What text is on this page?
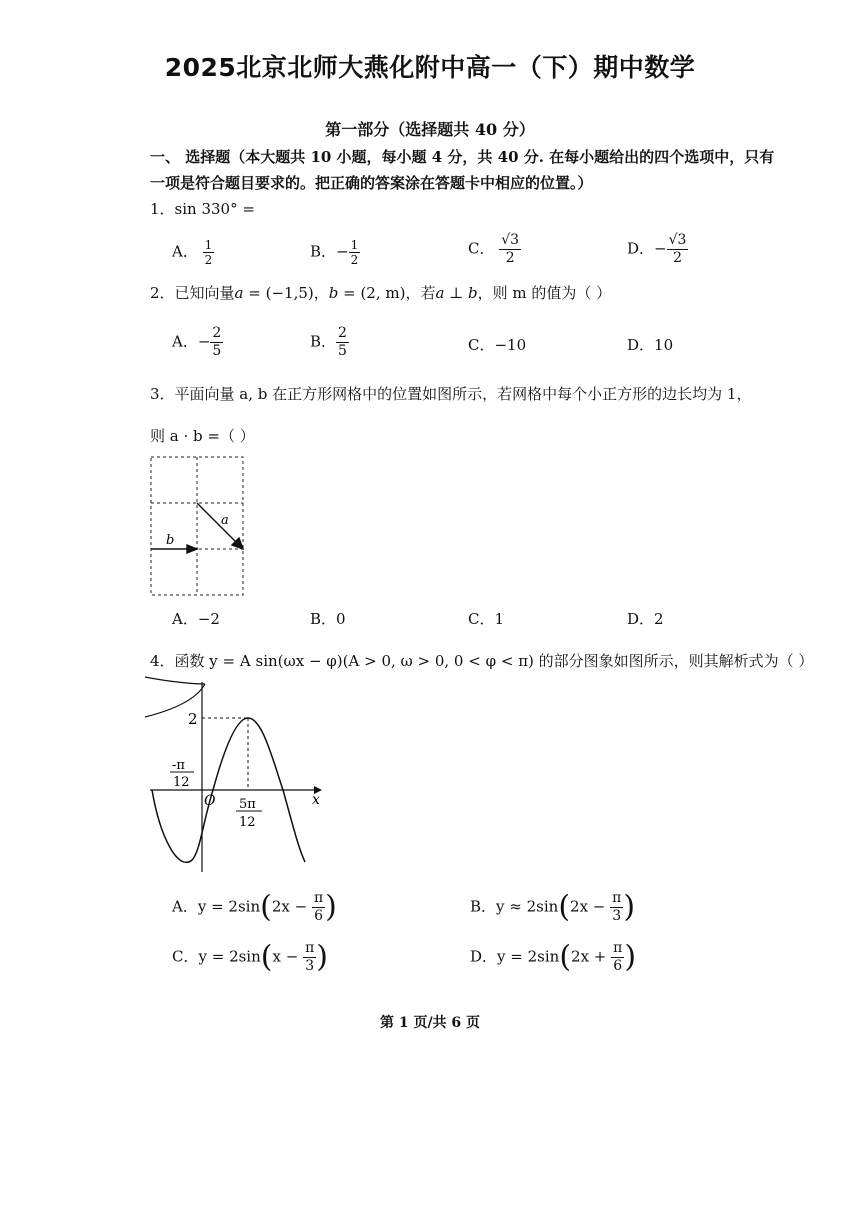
2025北京北师大燕化附中高一（下）期中数学
第一部分（选择题共 40 分）
一、 选择题（本大题共 10 小题，每小题 4 分，共 40 分. 在每小题给出的四个选项中，只有
一项是符合题目要求的。把正确的答案涂在答题卡中相应的位置。）
1．sin 330° =
A． $\frac{1}{2}$	B．− $\frac{1}{2}$	C． $\frac{√3}{2}$	D．− $\frac{√3}{2}$
2．已知向量a = (−1,5)，b = (2, m)，若a ⊥ b，则 m 的值为（ ）
A．− $\frac{2}{5}$	B． $\frac{2}{5}$	C．−10	D．10
3．平面向量 a, b 在正方形网格中的位置如图所示，若网格中每个小正方形的边长均为 1，
则 a · b =（ ）
a
b
A．−2	B．0	C．1	D．2
4．函数 y = A sin(ωx − φ)(A > 0, ω > 0, 0 < φ < π) 的部分图象如图所示，则其解析式为（ ）
2
-π
12
O 5π
12
x
A．$y = 2\sin(2x - \frac{\pi}{6}$ )	B．$y \approx 2\sin(2x - \frac{\pi}{3}$ )
C．$y = 2\sin(x - \frac{\pi}{3}$ )	D．$y = 2\sin(2x + \frac{\pi}{6}$ )
第 1 页/共 6 页
